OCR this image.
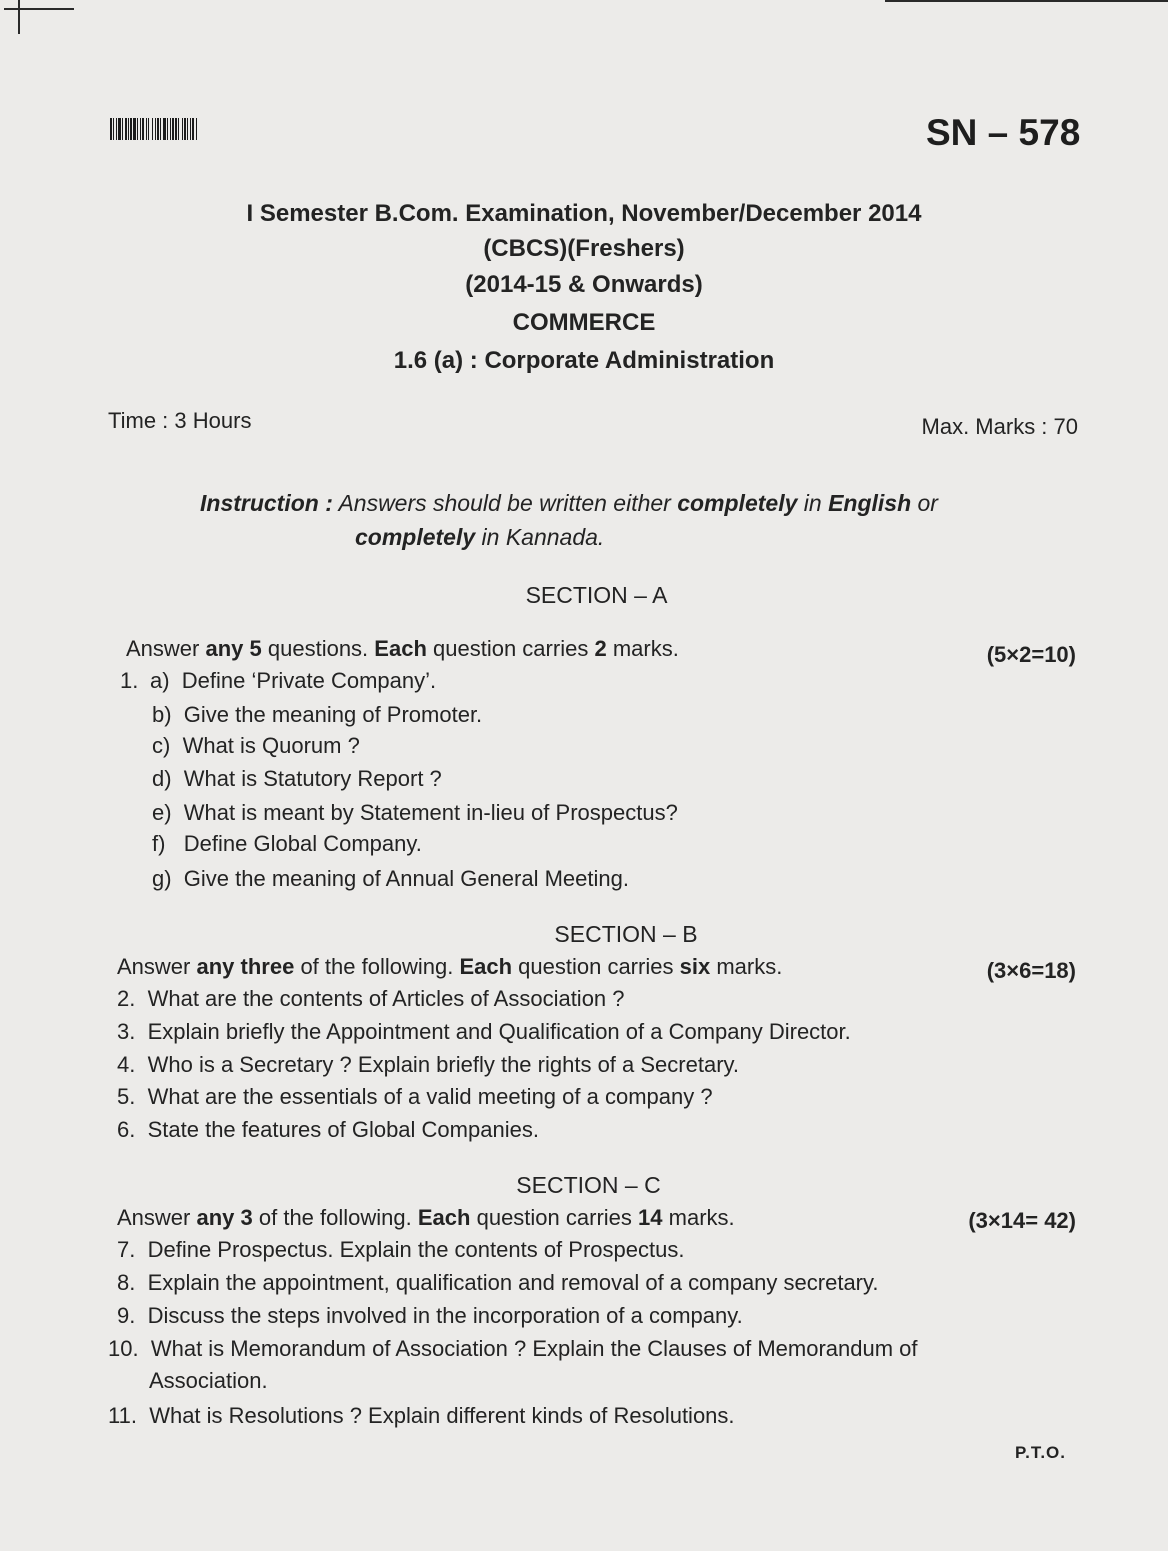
SN – 578
I Semester B.Com. Examination, November/December 2014
(CBCS)(Freshers)
(2014-15 & Onwards)
COMMERCE
1.6 (a) : Corporate Administration
Time : 3 Hours	Max. Marks : 70
Instruction : Answers should be written either completely in English or
completely in Kannada.
SECTION – A
Answer any 5 questions. Each question carries 2 marks.	(5×2=10)
1. a) Define ‘Private Company’.
b) Give the meaning of Promoter.
c) What is Quorum ?
d) What is Statutory Report ?
e) What is meant by Statement in-lieu of Prospectus?
f) Define Global Company.
g) Give the meaning of Annual General Meeting.
SECTION – B
Answer any three of the following. Each question carries six marks.	(3×6=18)
2. What are the contents of Articles of Association ?
3. Explain briefly the Appointment and Qualification of a Company Director.
4. Who is a Secretary ? Explain briefly the rights of a Secretary.
5. What are the essentials of a valid meeting of a company ?
6. State the features of Global Companies.
SECTION – C
Answer any 3 of the following. Each question carries 14 marks.	(3×14= 42)
7. Define Prospectus. Explain the contents of Prospectus.
8. Explain the appointment, qualification and removal of a company secretary.
9. Discuss the steps involved in the incorporation of a company.
10. What is Memorandum of Association ? Explain the Clauses of Memorandum of
Association.
11. What is Resolutions ? Explain different kinds of Resolutions.
P.T.O.
